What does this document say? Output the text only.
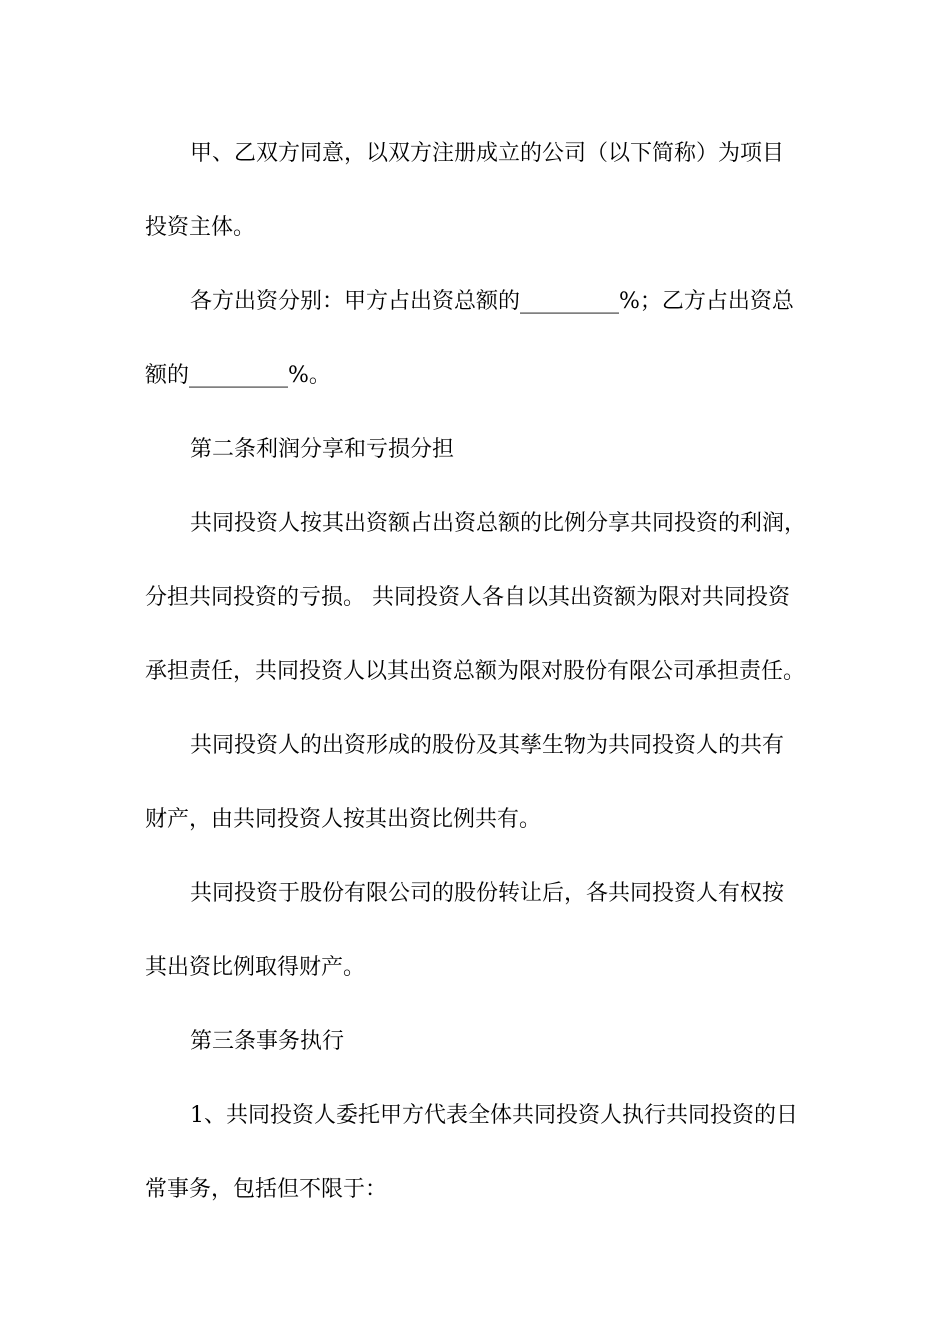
甲、乙双方同意，以双方注册成立的公司（以下简称）为项目
投资主体。
各方出资分别：甲方占出资总额的_________%；乙方占出资总
额的_________%。
第二条利润分享和亏损分担
共同投资人按其出资额占出资总额的比例分享共同投资的利润，
分担共同投资的亏损。 共同投资人各自以其出资额为限对共同投资
承担责任，共同投资人以其出资总额为限对股份有限公司承担责任。
共同投资人的出资形成的股份及其孳生物为共同投资人的共有
财产，由共同投资人按其出资比例共有。
共同投资于股份有限公司的股份转让后，各共同投资人有权按
其出资比例取得财产。
第三条事务执行
1、共同投资人委托甲方代表全体共同投资人执行共同投资的日
常事务，包括但不限于：
